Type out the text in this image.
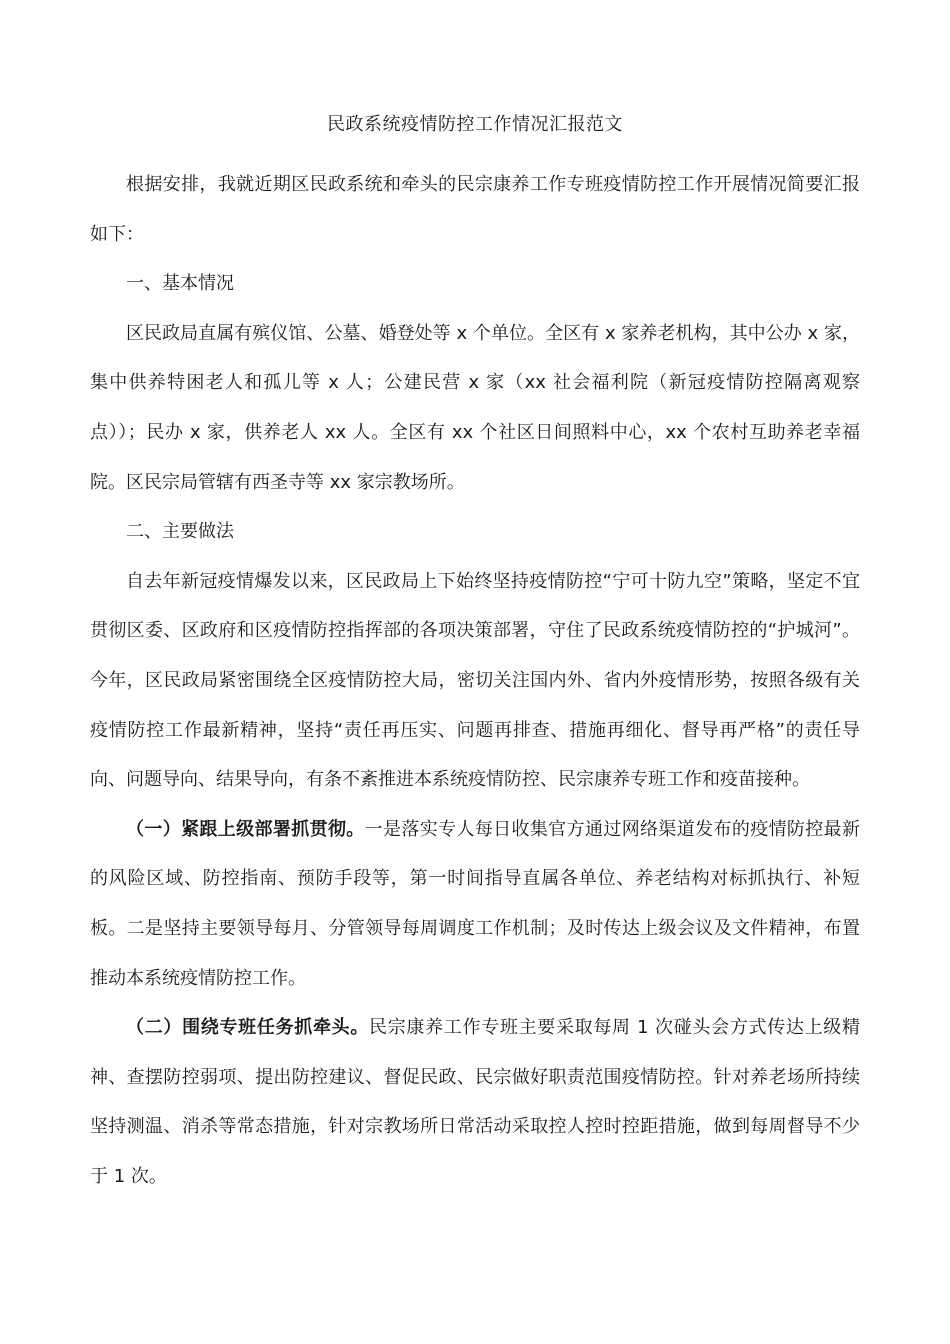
民政系统疫情防控工作情况汇报范文

根据安排，我就近期区民政系统和牵头的民宗康养工作专班疫情防控工作开展情况简要汇报如下：

一、基本情况

区民政局直属有殡仪馆、公墓、婚登处等 x 个单位。全区有 x 家养老机构，其中公办 x 家，集中供养特困老人和孤儿等 x 人；公建民营 x 家（xx 社会福利院（新冠疫情防控隔离观察点））；民办 x 家，供养老人 xx 人。全区有 xx 个社区日间照料中心，xx 个农村互助养老幸福院。区民宗局管辖有西圣寺等 xx 家宗教场所。

二、主要做法

自去年新冠疫情爆发以来，区民政局上下始终坚持疫情防控“宁可十防九空”策略，坚定不宜贯彻区委、区政府和区疫情防控指挥部的各项决策部署，守住了民政系统疫情防控的“护城河”。今年，区民政局紧密围绕全区疫情防控大局，密切关注国内外、省内外疫情形势，按照各级有关疫情防控工作最新精神，坚持“责任再压实、问题再排查、措施再细化、督导再严格”的责任导向、问题导向、结果导向，有条不紊推进本系统疫情防控、民宗康养专班工作和疫苗接种。

（一）紧跟上级部署抓贯彻。一是落实专人每日收集官方通过网络渠道发布的疫情防控最新的风险区域、防控指南、预防手段等，第一时间指导直属各单位、养老结构对标抓执行、补短板。二是坚持主要领导每月、分管领导每周调度工作机制；及时传达上级会议及文件精神，布置推动本系统疫情防控工作。

（二）围绕专班任务抓牵头。民宗康养工作专班主要采取每周 1 次碰头会方式传达上级精神、查摆防控弱项、提出防控建议、督促民政、民宗做好职责范围疫情防控。针对养老场所持续坚持测温、消杀等常态措施，针对宗教场所日常活动采取控人控时控距措施，做到每周督导不少于 1 次。
